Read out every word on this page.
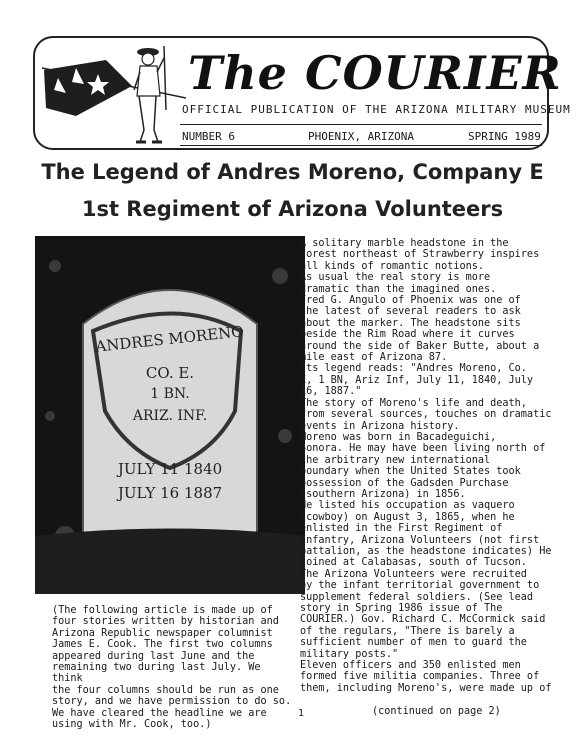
The COURIER
OFFICIAL PUBLICATION OF THE ARIZONA MILITARY MUSEUM
NUMBER 6	PHOENIX, ARIZONA	SPRING 1989
The Legend of Andres Moreno, Company E
1st Regiment of Arizona Volunteers
ANDRES MORENO
CO. E.
1 BN.
ARIZ. INF.
JULY 11 1840
JULY 16 1887
(The following article is made up of
four stories written by historian and
Arizona Republic newspaper columnist
James E. Cook. The first two columns
appeared during last June and the
remaining two during last July. We think
the four columns should be run as one
story, and we have permission to do so.
We have cleared the headline we are
using with Mr. Cook, too.)
A solitary marble headstone in the
forest northeast of Strawberry inspires
all kinds of romantic notions.
As usual the real story is more
dramatic than the imagined ones.
Fred G. Angulo of Phoenix was one of
the latest of several readers to ask
about the marker. The headstone sits
beside the Rim Road where it curves
around the side of Baker Butte, about a
mile east of Arizona 87.
Its legend reads: "Andres Moreno, Co.
E, 1 BN, Ariz Inf, July 11, 1840, July
16, 1887."
The story of Moreno's life and death,
from several sources, touches on dramatic
events in Arizona history.
Moreno was born in Bacadeguichi,
Sonora. He may have been living north of
the arbitrary new international
boundary when the United States took
possession of the Gadsden Purchase
(southern Arizona) in 1856.
He listed his occupation as vaquero
(cowboy) on August 3, 1865, when he
enlisted in the First Regiment of
Infantry, Arizona Volunteers (not first
battalion, as the headstone indicates) He
joined at Calabasas, south of Tucson.
The Arizona Volunteers were recruited
by the infant territorial government to
supplement federal soldiers. (See lead
story in Spring 1986 issue of The
COURIER.) Gov. Richard C. McCormick said
of the regulars, "There is barely a
sufficient number of men to guard the
military posts."
Eleven officers and 350 enlisted men
formed five militia companies. Three of
them, including Moreno's, were made up of
1	(continued on page 2)
